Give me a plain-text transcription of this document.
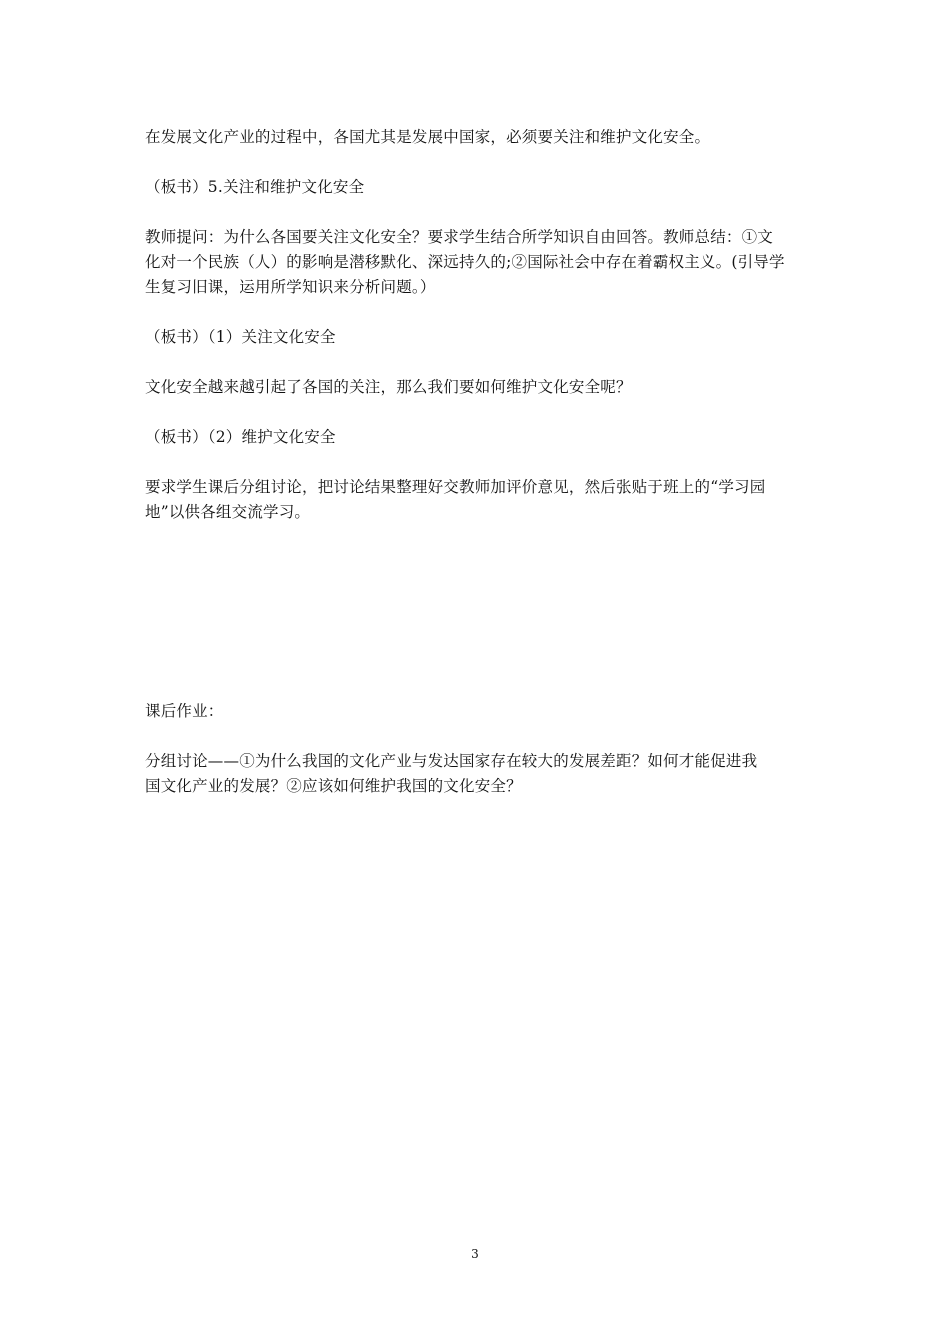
在发展文化产业的过程中，各国尤其是发展中国家，必须要关注和维护文化安全。
（板书）5.关注和维护文化安全
教师提问：为什么各国要关注文化安全？要求学生结合所学知识自由回答。教师总结：①文
化对一个民族（人）的影响是潜移默化、深远持久的;②国际社会中存在着霸权主义。(引导学
生复习旧课，运用所学知识来分析问题。）
（板书）（1）关注文化安全
文化安全越来越引起了各国的关注，那么我们要如何维护文化安全呢？
（板书）（2）维护文化安全
要求学生课后分组讨论，把讨论结果整理好交教师加评价意见，然后张贴于班上的“学习园
地”以供各组交流学习。
课后作业：
分组讨论——①为什么我国的文化产业与发达国家存在较大的发展差距？如何才能促进我
国文化产业的发展？②应该如何维护我国的文化安全？
3
